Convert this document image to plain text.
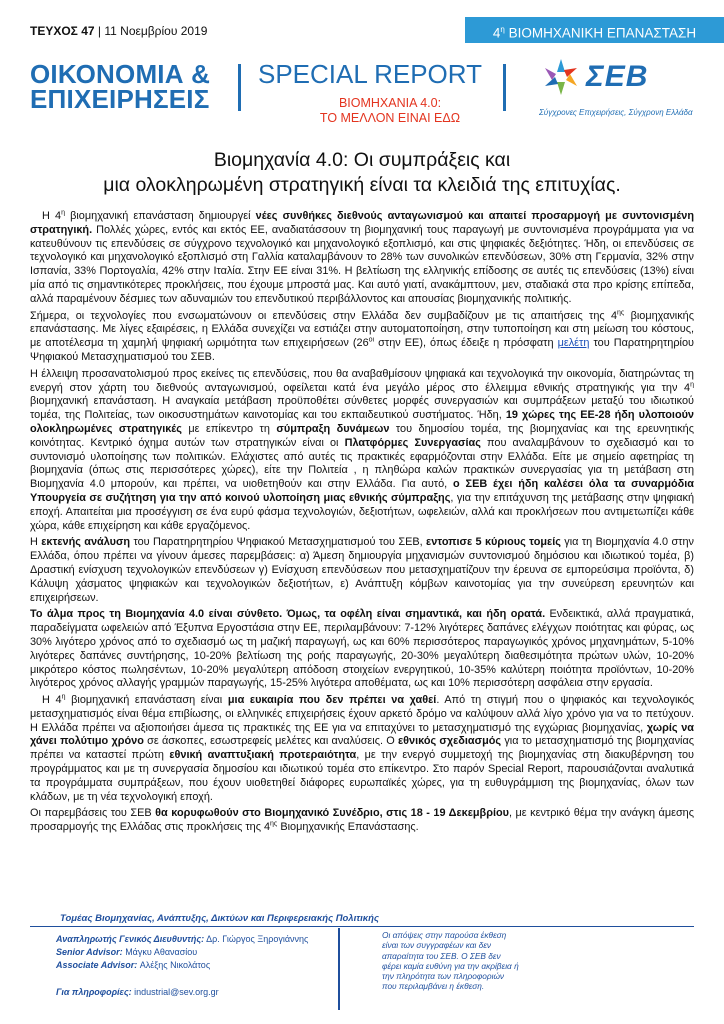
ΤΕΥΧΟΣ 47 | 11 Νοεμβρίου 2019	$4^\eta$ ΒΙΟΜΗΧΑΝΙΚΗ ΕΠΑΝΑΣΤΑΣΗ
ΟΙΚΟΝΟΜΙΑ &
ΕΠΙΧΕΙΡΗΣΕΙΣ
SPECIAL REPORT
ΒΙΟΜΗΧΑΝΙΑ 4.0:
ΤΟ ΜΕΛΛΟΝ ΕΙΝΑΙ ΕΔΩ
ΣΕΒ
Σύγχρονες Επιχειρήσεις, Σύγχρονη Ελλάδα
Βιομηχανία 4.0: Οι συμπράξεις και
μια ολοκληρωμένη στρατηγική είναι τα κλειδιά της επιτυχίας.

Η $4^\eta$ βιομηχανική επανάσταση δημιουργεί νέες συνθήκες διεθνούς ανταγωνισμού και απαιτεί προσαρμογή με συντονισμένη στρατηγική. Πολλές χώρες, εντός και εκτός ΕΕ, αναδιατάσσουν τη βιομηχανική τους παραγωγή με συντονισμένα προγράμματα για να κατευθύνουν τις επενδύσεις σε σύγχρονο τεχνολογικό και μηχανολογικό εξοπλισμό, και στις ψηφιακές δεξιότητες. Ήδη, οι επενδύσεις σε τεχνολογικό και μηχανολογικό εξοπλισμό στη Γαλλία καταλαμβάνουν το 28% των συνολικών επενδύσεων, 30% στη Γερμανία, 32% στην Ισπανία, 33% Πορτογαλία, 42% στην Ιταλία. Στην ΕΕ είναι 31%. Η βελτίωση της ελληνικής επίδοσης σε αυτές τις επενδύσεις (13%) είναι μία από τις σημαντικότερες προκλήσεις, που έχουμε μπροστά μας. Και αυτό γιατί, ανακάμπτουν, μεν, σταδιακά στα προ κρίσης επίπεδα, αλλά παραμένουν δέσμιες των αδυναμιών του επενδυτικού περιβάλλοντος και απουσίας βιομηχανικής πολιτικής.

Σήμερα, οι τεχνολογίες που ενσωματώνουν οι επενδύσεις στην Ελλάδα δεν συμβαδίζουν με τις απαιτήσεις της $4^{\eta\varsigma}$ βιομηχανικής επανάστασης. Με λίγες εξαιρέσεις, η Ελλάδα συνεχίζει να εστιάζει στην αυτοματοποίηση, στην τυποποίηση και στη μείωση του κόστους, με αποτέλεσμα τη χαμηλή ψηφιακή ωριμότητα των επιχειρήσεων ($26^{o\iota}$ στην ΕΕ), όπως έδειξε η πρόσφατη μελέτη του Παρατηρητηρίου Ψηφιακού Μετασχηματισμού του ΣΕΒ.

Η έλλειψη προσανατολισμού προς εκείνες τις επενδύσεις, που θα αναβαθμίσουν ψηφιακά και τεχνολογικά την οικονομία, διατηρώντας τη ενεργή στον χάρτη του διεθνούς ανταγωνισμού, οφείλεται κατά ένα μεγάλο μέρος στο έλλειμμα εθνικής στρατηγικής για την $4^\eta$ βιομηχανική επανάσταση. Η αναγκαία μετάβαση προϋποθέτει σύνθετες μορφές συνεργασιών και συμπράξεων μεταξύ του ιδιωτικού τομέα, της Πολιτείας, των οικοσυστημάτων καινοτομίας και του εκπαιδευτικού συστήματος. Ήδη, 19 χώρες της ΕΕ-28 ήδη υλοποιούν ολοκληρωμένες στρατηγικές με επίκεντρο τη σύμπραξη δυνάμεων του δημοσίου τομέα, της βιομηχανίας και της ερευνητικής κοινότητας. Κεντρικό όχημα αυτών των στρατηγικών είναι οι Πλατφόρμες Συνεργασίας που αναλαμβάνουν το σχεδιασμό και το συντονισμό υλοποίησης των πολιτικών. Ελάχιστες από αυτές τις πρακτικές εφαρμόζονται στην Ελλάδα. Είτε με σημείο αφετηρίας τη βιομηχανία (όπως στις περισσότερες χώρες), είτε την Πολιτεία , η πληθώρα καλών πρακτικών συνεργασίας για τη μετάβαση στη Βιομηχανία 4.0 μπορούν, και πρέπει, να υιοθετηθούν και στην Ελλάδα. Για αυτό, ο ΣΕΒ έχει ήδη καλέσει όλα τα συναρμόδια Υπουργεία σε συζήτηση για την από κοινού υλοποίηση μιας εθνικής σύμπραξης, για την επιτάχυνση της μετάβασης στην ψηφιακή εποχή. Απαιτείται μια προσέγγιση σε ένα ευρύ φάσμα τεχνολογιών, δεξιοτήτων, ωφελειών, αλλά και προκλήσεων που αντιμετωπίζει κάθε χώρα, κάθε επιχείρηση και κάθε εργαζόμενος.

Η εκτενής ανάλυση του Παρατηρητηρίου Ψηφιακού Μετασχηματισμού του ΣΕΒ, εντοπισε 5 κύριους τομείς για τη Βιομηχανία 4.0 στην Ελλάδα, όπου πρέπει να γίνουν άμεσες παρεμβάσεις: α) Άμεση δημιουργία μηχανισμών συντονισμού δημόσιου και ιδιωτικού τομέα, β) Δραστική ενίσχυση τεχνολογικών επενδύσεων γ) Ενίσχυση επενδύσεων που μετασχηματίζουν την έρευνα σε εμπορεύσιμα προϊόντα, δ) Κάλυψη χάσματος ψηφιακών και τεχνολογικών δεξιοτήτων, ε) Ανάπτυξη κόμβων καινοτομίας για την συνεύρεση ερευνητών και επιχειρήσεων.

Το άλμα προς τη Βιομηχανία 4.0 είναι σύνθετο. Όμως, τα οφέλη είναι σημαντικά, και ήδη ορατά. Ενδεικτικά, αλλά πραγματικά, παραδείγματα ωφελειών από Έξυπνα Εργοστάσια στην ΕΕ, περιλαμβάνουν: 7-12% λιγότερες δαπάνες ελέγχων ποιότητας και φύρας, ως 30% λιγότερο χρόνος από το σχεδιασμό ως τη μαζική παραγωγή, ως και 60% περισσότερος παραγωγικός χρόνος μηχανημάτων, 5-10% λιγότερες δαπάνες συντήρησης, 10-20% βελτίωση της ροής παραγωγής, 20-30% μεγαλύτερη διαθεσιμότητα πρώτων υλών, 10-20% μικρότερο κόστος πωλησέντων, 10-20% μεγαλύτερη απόδοση στοιχείων ενεργητικού, 10-35% καλύτερη ποιότητα προϊόντων, 10-20% λιγότερος χρόνος αλλαγής γραμμών παραγωγής, 15-25% λιγότερα αποθέματα, ως και 10% περισσότερη ασφάλεια στην εργασία.

Η $4^\eta$ βιομηχανική επανάσταση είναι μια ευκαιρία που δεν πρέπει να χαθεί. Από τη στιγμή που ο ψηφιακός και τεχνολογικός μετασχηματισμός είναι θέμα επιβίωσης, οι ελληνικές επιχειρήσεις έχουν αρκετό δρόμο να καλύψουν αλλά λίγο χρόνο για να το πετύχουν. Η Ελλάδα πρέπει να αξιοποιήσει άμεσα τις πρακτικές της ΕΕ για να επιταχύνει το μετασχηματισμό της εγχώριας βιομηχανίας, χωρίς να χάνει πολύτιμο χρόνο σε άσκοπες, εσωστρεφείς μελέτες και αναλύσεις. Ο εθνικός σχεδιασμός για το μετασχηματισμό της βιομηχανίας πρέπει να καταστεί πρώτη εθνική αναπτυξιακή προτεραιότητα, με την ενεργό συμμετοχή της βιομηχανίας στη διακυβέρνηση του προγράμματος και με τη συνεργασία δημοσίου και ιδιωτικού τομέα στο επίκεντρο. Στο παρόν Special Report, παρουσιάζονται αναλυτικά τα προγράμματα συμπράξεων, που έχουν υιοθετηθεί διάφορες ευρωπαϊκές χώρες, για τη ευθυγράμμιση της βιομηχανίας, όλων των κλάδων, με τη νέα τεχνολογική εποχή.

Οι παρεμβάσεις του ΣΕΒ θα κορυφωθούν στο Βιομηχανικό Συνέδριο, στις 18 - 19 Δεκεμβρίου, με κεντρικό θέμα την ανάγκη άμεσης προσαρμογής της Ελλάδας στις προκλήσεις της $4^{\eta\varsigma}$ Βιομηχανικής Επανάστασης.

Τομέας Βιομηχανίας, Ανάπτυξης, Δικτύων και Περιφερειακής Πολιτικής
Αναπληρωτής Γενικός Διευθυντής: Δρ. Γιώργος Ξηρογιάννης
Senior Advisor: Μάγκυ Αθανασίου
Associate Advisor: Αλέξης Νικολάτος
Για πληροφορίες: industrial@sev.org.gr
Οι απόψεις στην παρούσα έκθεση είναι των συγγραφέων και δεν απαραίτητα του ΣΕΒ. Ο ΣΕΒ δεν φέρει καμία ευθύνη για την ακρίβεια ή την πληρότητα των πληροφοριών που περιλαμβάνει η έκθεση.
